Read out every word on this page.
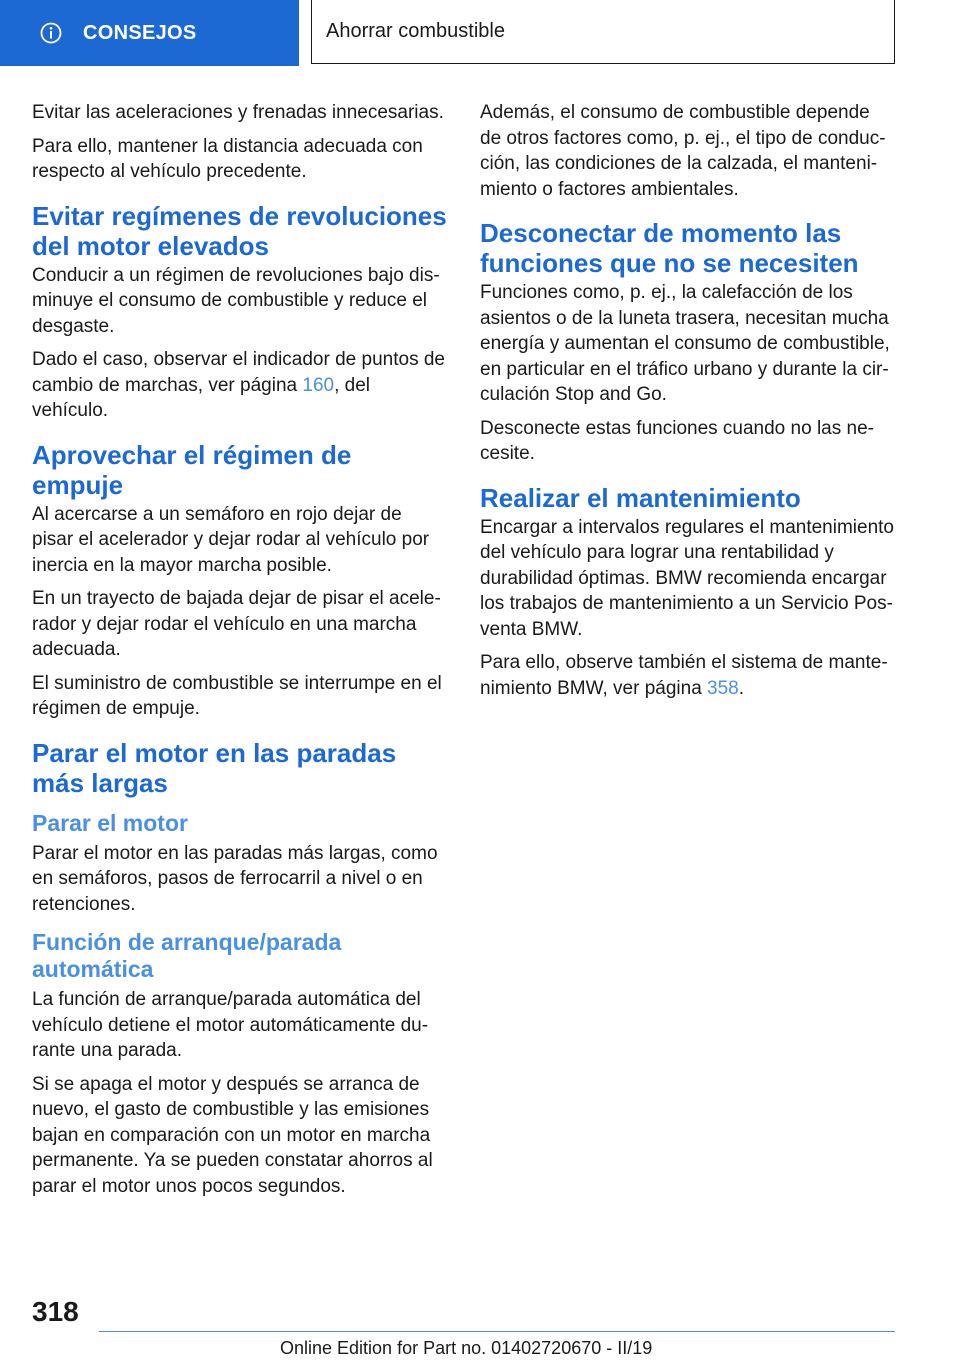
CONSEJOS	Ahorrar combustible

Evitar las aceleraciones y frenadas innecesarias.

Para ello, mantener la distancia adecuada con respecto al vehículo precedente.

Evitar regímenes de revoluciones del motor elevados

Conducir a un régimen de revoluciones bajo disminuye el consumo de combustible y reduce el desgaste.

Dado el caso, observar el indicador de puntos de cambio de marchas, ver página 160, del vehículo.

Aprovechar el régimen de empuje

Al acercarse a un semáforo en rojo dejar de pisar el acelerador y dejar rodar al vehículo por inercia en la mayor marcha posible.

En un trayecto de bajada dejar de pisar el acelerador y dejar rodar el vehículo en una marcha adecuada.

El suministro de combustible se interrumpe en el régimen de empuje.

Parar el motor en las paradas más largas
Parar el motor

Parar el motor en las paradas más largas, como en semáforos, pasos de ferrocarril a nivel o en retenciones.

Función de arranque/parada automática

La función de arranque/parada automática del vehículo detiene el motor automáticamente durante una parada.

Si se apaga el motor y después se arranca de nuevo, el gasto de combustible y las emisiones bajan en comparación con un motor en marcha permanente. Ya se pueden constatar ahorros al parar el motor unos pocos segundos.

Además, el consumo de combustible depende de otros factores como, p. ej., el tipo de conducción, las condiciones de la calzada, el mantenimiento o factores ambientales.

Desconectar de momento las funciones que no se necesiten

Funciones como, p. ej., la calefacción de los asientos o de la luneta trasera, necesitan mucha energía y aumentan el consumo de combustible, en particular en el tráfico urbano y durante la circulación Stop and Go.

Desconecte estas funciones cuando no las necesite.

Realizar el mantenimiento

Encargar a intervalos regulares el mantenimiento del vehículo para lograr una rentabilidad y durabilidad óptimas. BMW recomienda encargar los trabajos de mantenimiento a un Servicio Posventa BMW.

Para ello, observe también el sistema de mantenimiento BMW, ver página 358.

318
Online Edition for Part no. 01402720670 - II/19
